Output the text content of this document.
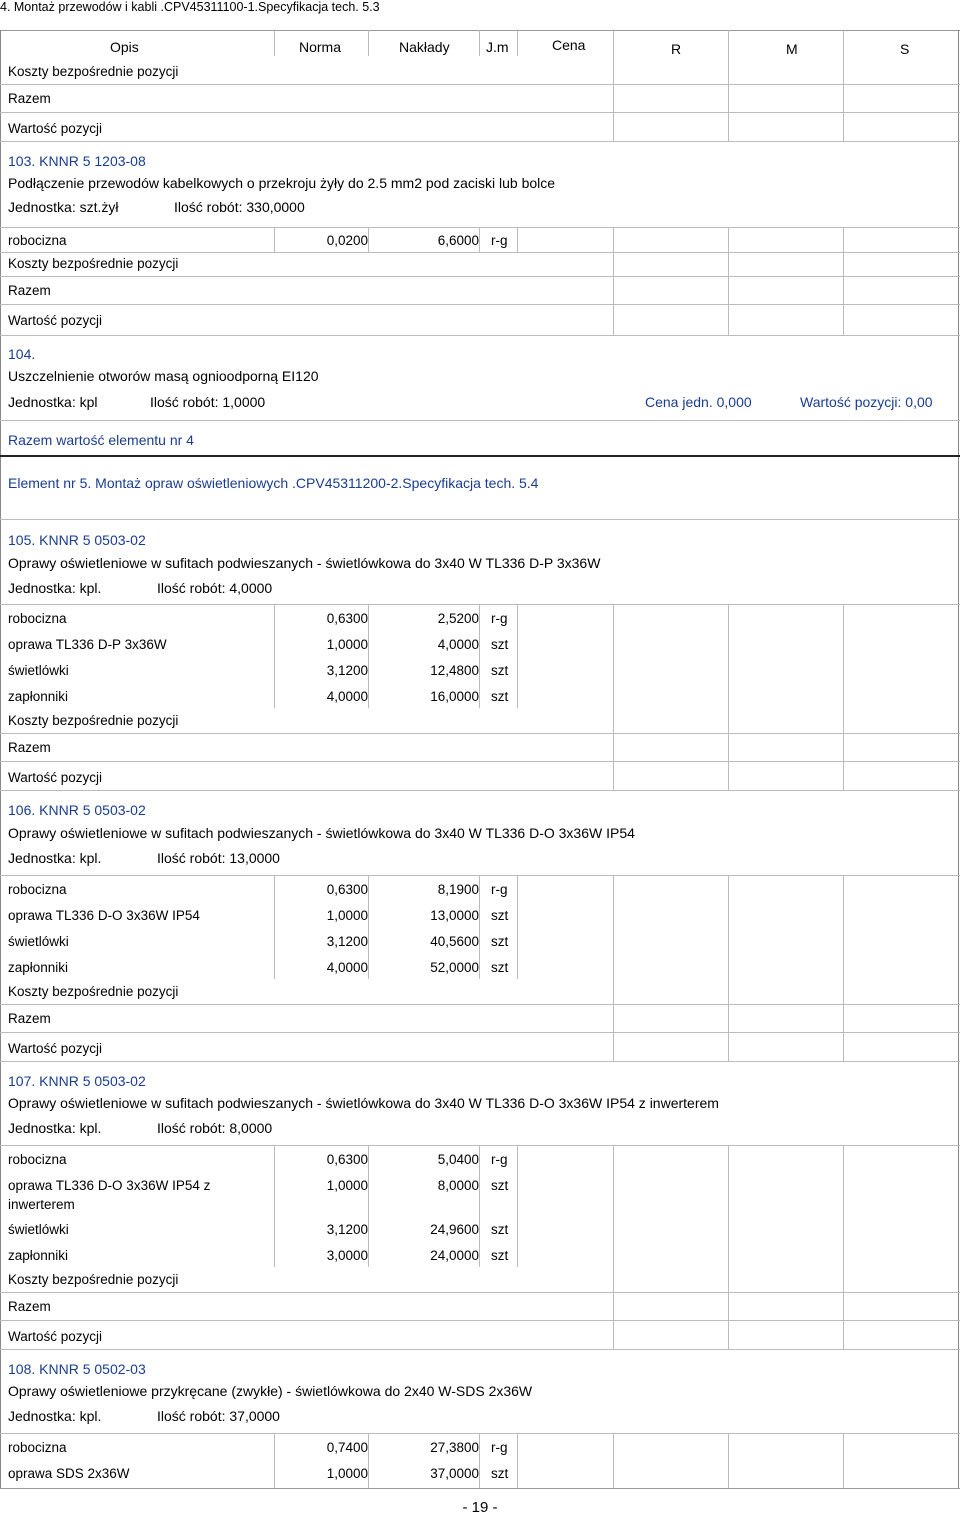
4. Montaż przewodów i kabli .CPV45311100-1.Specyfikacja tech. 5.3
Opis	Norma	Nakłady	J.m	Cena	R	M	S
Koszty bezpośrednie pozycji
Razem
Wartość pozycji
103. KNNR 5 1203-08
Podłączenie przewodów kabelkowych o przekroju żyły do 2.5 mm2 pod zaciski lub bolce
Jednostka: szt.żył	Ilość robót: 330,0000
robocizna	0,0200	6,6000 r-g
Koszty bezpośrednie pozycji
Razem
Wartość pozycji
104.
Uszczelnienie otworów masą ognioodporną EI120
Jednostka: kpl	Ilość robót: 1,0000	Cena jedn. 0,000	Wartość pozycji: 0,00
Razem wartość elementu nr 4
Element nr 5. Montaż opraw oświetleniowych .CPV45311200-2.Specyfikacja tech. 5.4
105. KNNR 5 0503-02
Oprawy oświetleniowe w sufitach podwieszanych - świetlówkowa do 3x40 W TL336 D-P 3x36W
Jednostka: kpl.	Ilość robót: 4,0000
robocizna	0,6300	2,5200 r-g
oprawa TL336 D-P 3x36W	1,0000	4,0000 szt
świetlówki	3,1200	12,4800 szt
zapłonniki	4,0000	16,0000 szt
Koszty bezpośrednie pozycji
Razem
Wartość pozycji
106. KNNR 5 0503-02
Oprawy oświetleniowe w sufitach podwieszanych - świetlówkowa do 3x40 W TL336 D-O 3x36W IP54
Jednostka: kpl.	Ilość robót: 13,0000
robocizna	0,6300	8,1900 r-g
oprawa TL336 D-O 3x36W IP54	1,0000	13,0000 szt
świetlówki	3,1200	40,5600 szt
zapłonniki	4,0000	52,0000 szt
Koszty bezpośrednie pozycji
Razem
Wartość pozycji
107. KNNR 5 0503-02
Oprawy oświetleniowe w sufitach podwieszanych - świetlówkowa do 3x40 W TL336 D-O 3x36W IP54 z inwerterem
Jednostka: kpl.	Ilość robót: 8,0000
robocizna	0,6300	5,0400 r-g
oprawa TL336 D-O 3x36W IP54 z
inwerterem
1,0000	8,0000 szt
świetlówki	3,1200	24,9600 szt
zapłonniki	3,0000	24,0000 szt
Koszty bezpośrednie pozycji
Razem
Wartość pozycji
108. KNNR 5 0502-03
Oprawy oświetleniowe przykręcane (zwykłe) - świetlówkowa do 2x40 W-SDS 2x36W
Jednostka: kpl.	Ilość robót: 37,0000
robocizna	0,7400	27,3800 r-g
oprawa SDS 2x36W	1,0000	37,0000 szt
- 19 -
